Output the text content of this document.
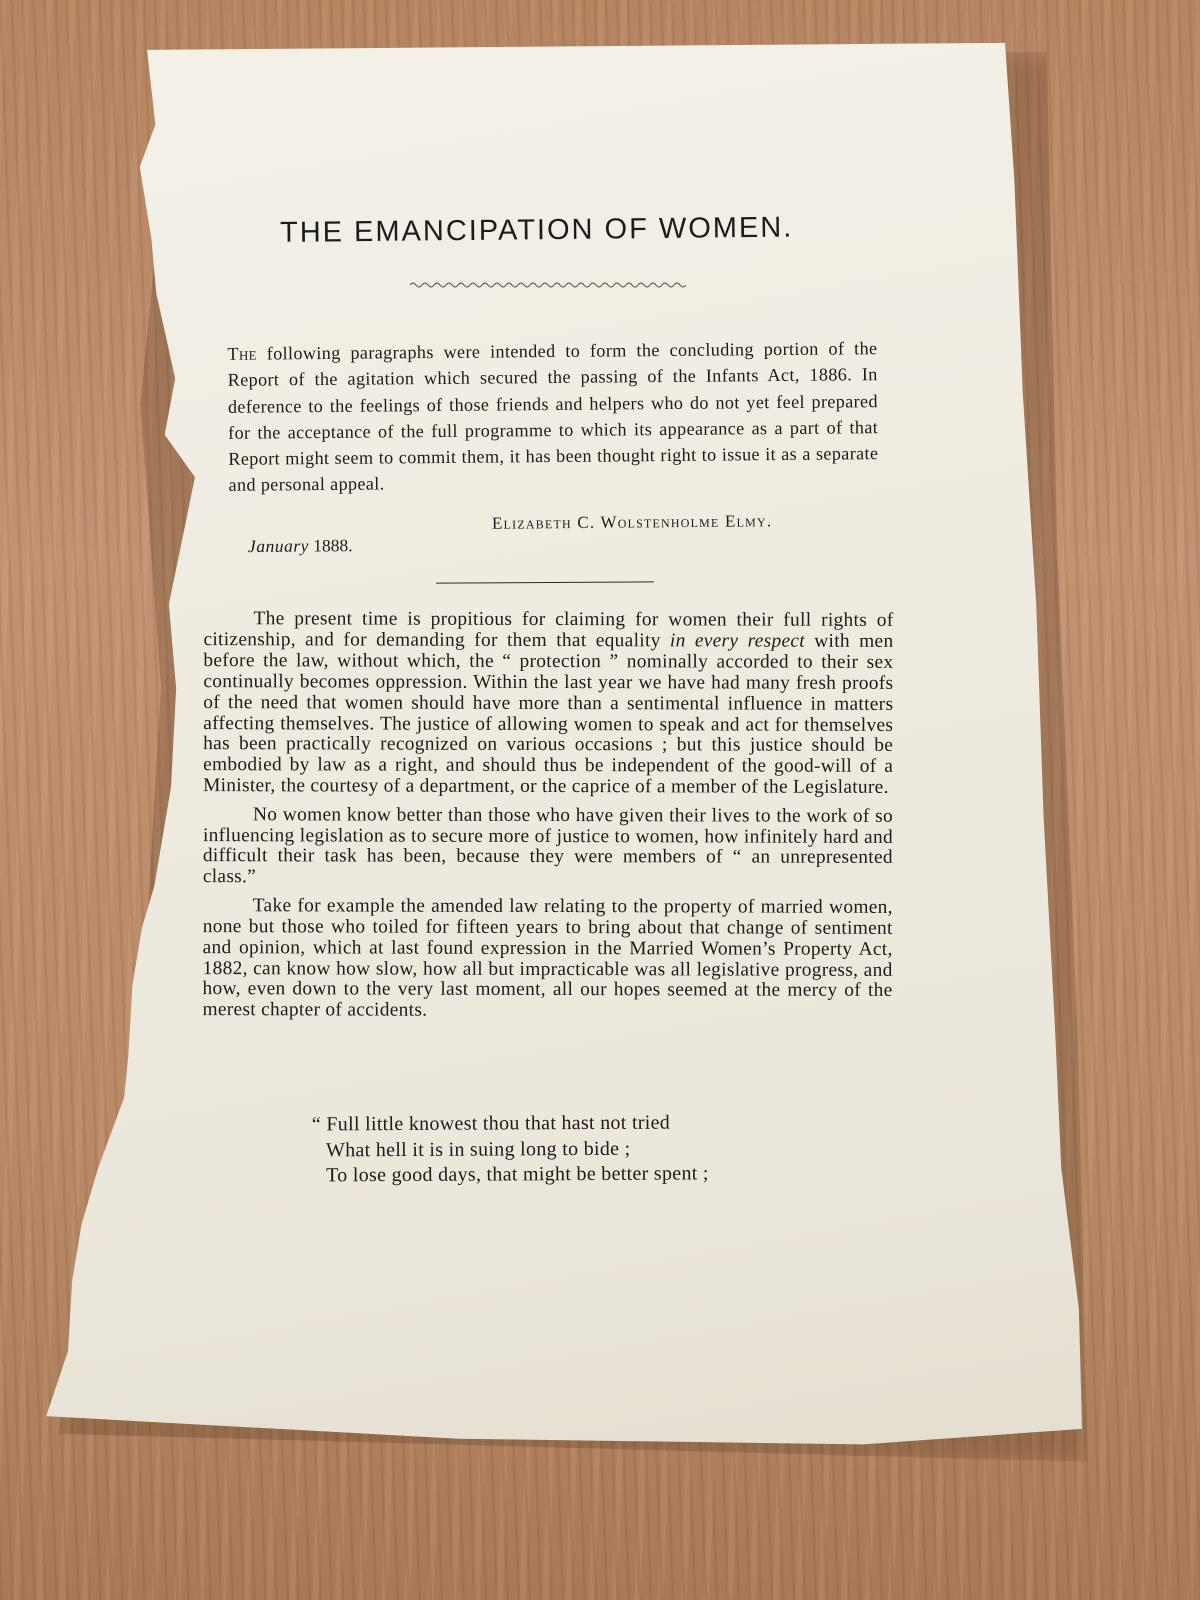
THE EMANCIPATION OF WOMEN.

The following paragraphs were intended to form the concluding portion of the Report of the agitation which secured the passing of the Infants Act, 1886. In deference to the feelings of those friends and helpers who do not yet feel prepared for the acceptance of the full programme to which its appearance as a part of that Report might seem to commit them, it has been thought right to issue it as a separate and personal appeal.

Elizabeth C. Wolstenholme Elmy.
January 1888.

The present time is propitious for claiming for women their full rights of citizenship, and for demanding for them that equality in every respect with men before the law, without which, the “ protection ” nominally accorded to their sex continually becomes oppression. Within the last year we have had many fresh proofs of the need that women should have more than a sentimental influence in matters affecting themselves. The justice of allowing women to speak and act for themselves has been practically recognized on various occasions ; but this justice should be embodied by law as a right, and should thus be independent of the good-will of a Minister, the courtesy of a department, or the caprice of a member of the Legislature.

No women know better than those who have given their lives to the work of so influencing legislation as to secure more of justice to women, how infinitely hard and difficult their task has been, because they were members of “ an unrepresented class.”

Take for example the amended law relating to the property of married women, none but those who toiled for fifteen years to bring about that change of sentiment and opinion, which at last found expression in the Married Women’s Property Act, 1882, can know how slow, how all but impracticable was all legislative progress, and how, even down to the very last moment, all our hopes seemed at the mercy of the merest chapter of accidents.

“ Full little knowest thou that hast not tried
What hell it is in suing long to bide ;
To lose good days, that might be better spent ;
